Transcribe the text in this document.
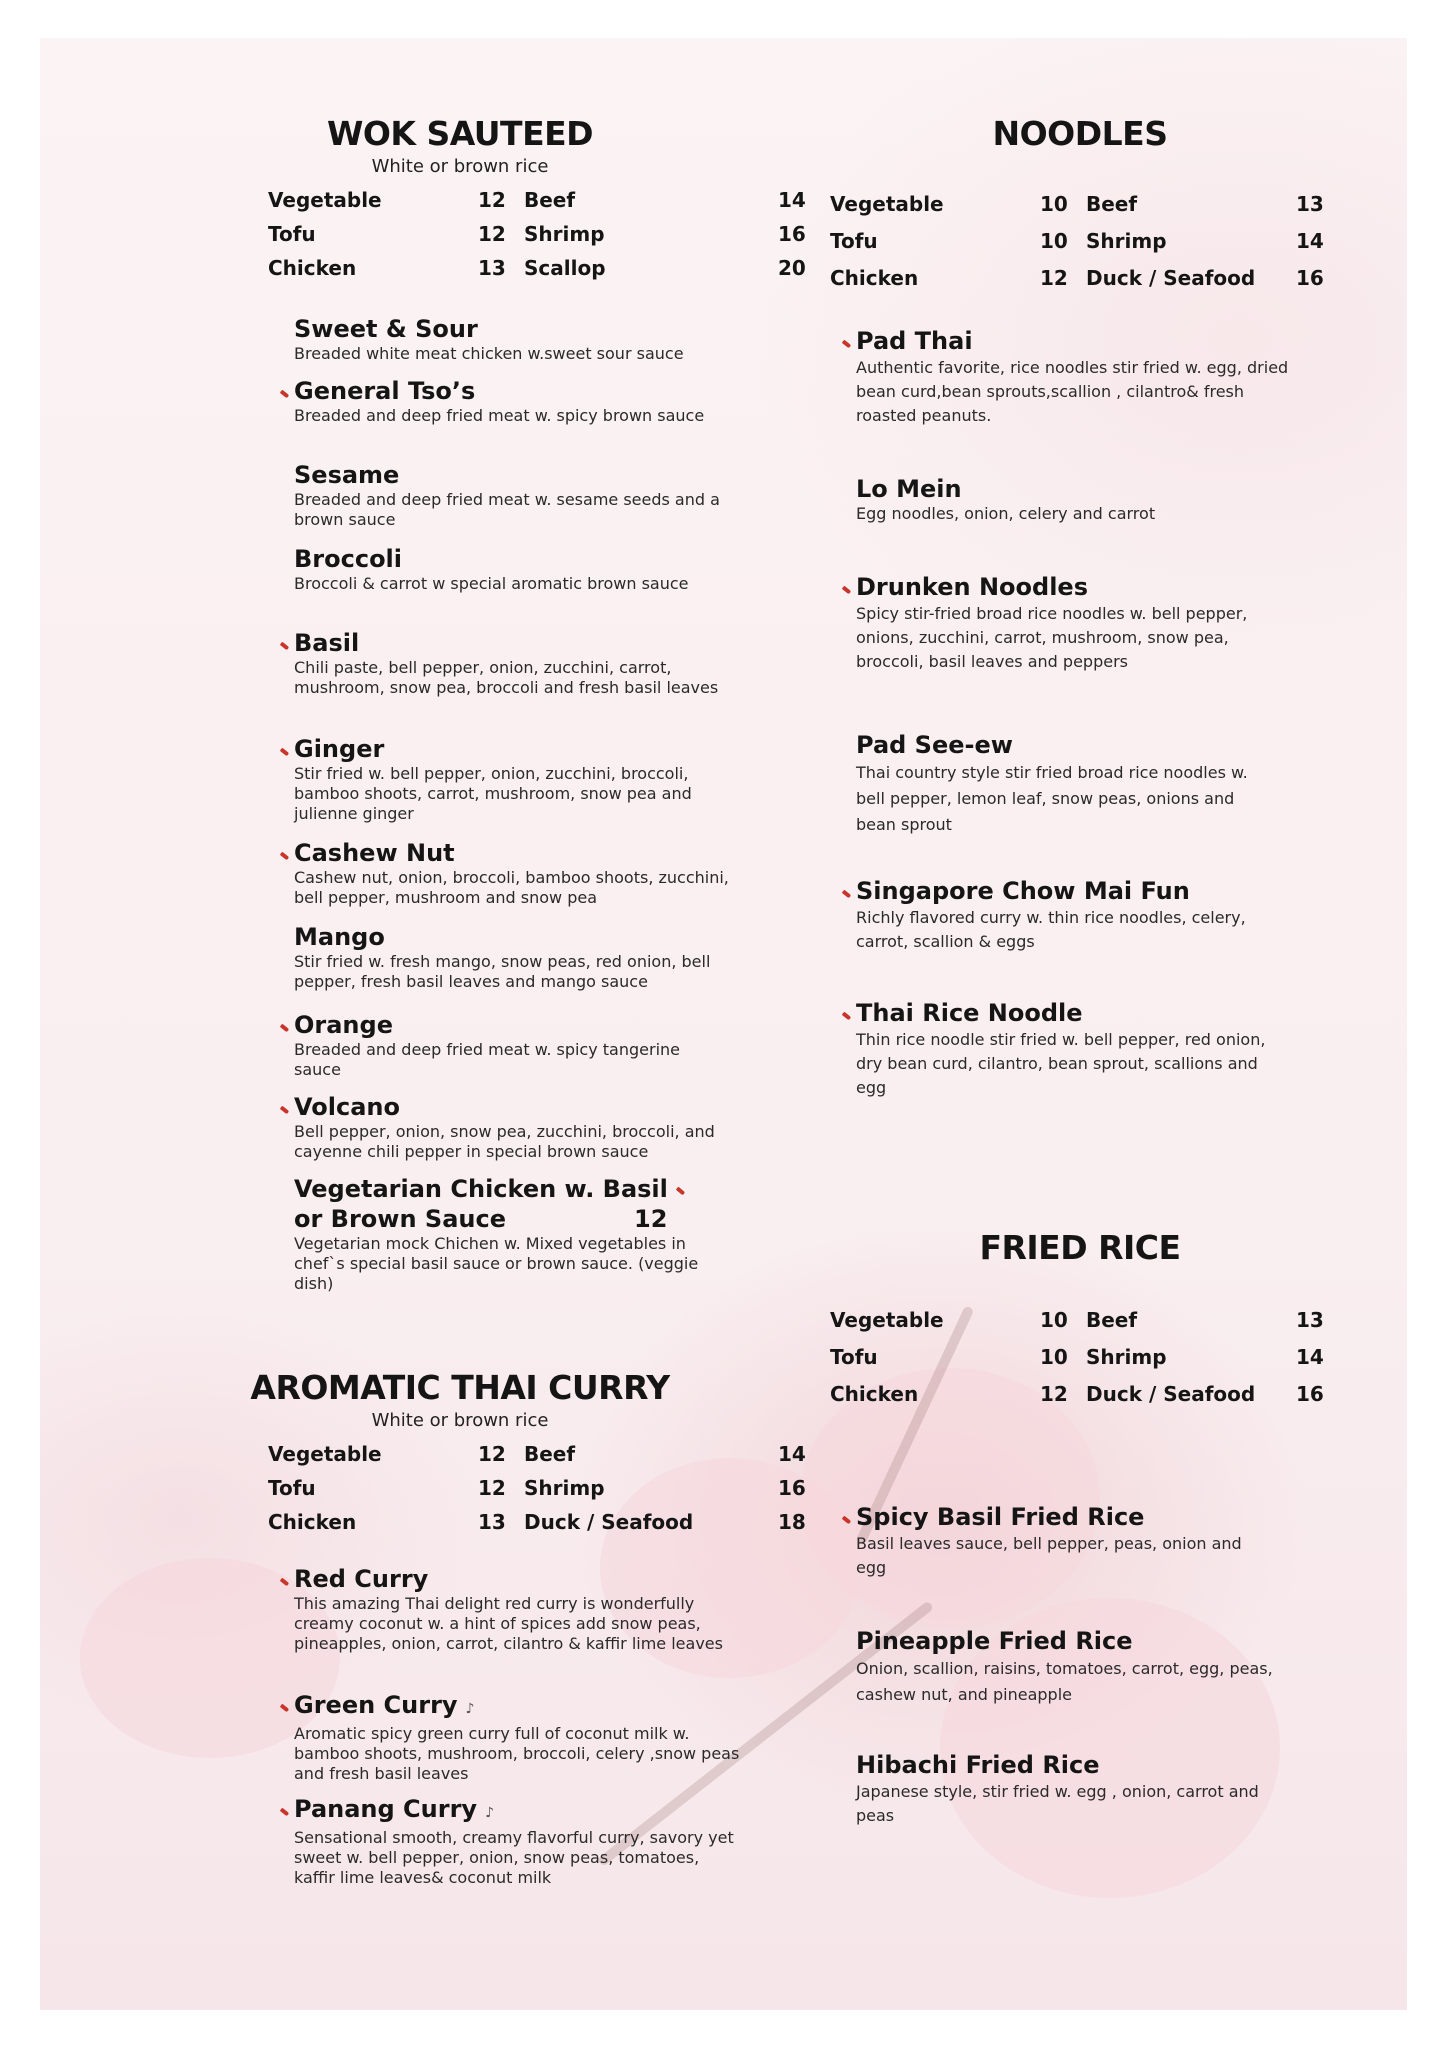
WOK SAUTEED
White or brown rice
Vegetable	12 Beef	14
Tofu	12 Shrimp	16
Chicken	13 Scallop	20
Sweet & Sour
Breaded white meat chicken w.sweet sour sauce
General Tso’s
Breaded and deep fried meat w. spicy brown sauce
Sesame
Breaded and deep fried meat w. sesame seeds and a brown sauce
Broccoli
Broccoli & carrot w special aromatic brown sauce
Basil
Chili paste, bell pepper, onion, zucchini, carrot, mushroom, snow pea, broccoli and fresh basil leaves
Ginger
Stir fried w. bell pepper, onion, zucchini, broccoli, bamboo shoots, carrot, mushroom, snow pea and julienne ginger
Cashew Nut
Cashew nut, onion, broccoli, bamboo shoots, zucchini, bell pepper, mushroom and snow pea
Mango
Stir fried w. fresh mango, snow peas, red onion, bell pepper, fresh basil leaves and mango sauce
Orange
Breaded and deep fried meat w. spicy tangerine sauce
Volcano
Bell pepper, onion, snow pea, zucchini, broccoli, and cayenne chili pepper in special brown sauce
Vegetarian Chicken w. Basil
or Brown Sauce	12
Vegetarian mock Chichen w. Mixed vegetables in chef`s special basil sauce or brown sauce. (veggie dish)
AROMATIC THAI CURRY
White or brown rice
Vegetable	12 Beef	14
Tofu	12 Shrimp	16
Chicken	13 Duck / Seafood	18
Red Curry
This amazing Thai delight red curry is wonderfully creamy coconut w. a hint of spices add snow peas, pineapples, onion, carrot, cilantro & kaffir lime leaves
Green Curry ♪
Aromatic spicy green curry full of coconut milk w. bamboo shoots, mushroom, broccoli, celery ,snow peas and fresh basil leaves
Panang Curry ♪
Sensational smooth, creamy flavorful curry, savory yet sweet w. bell pepper, onion, snow peas, tomatoes, kaffir lime leaves& coconut milk
NOODLES
Vegetable	10 Beef	13
Tofu	10 Shrimp	14
Chicken	12 Duck / Seafood 16
Pad Thai
Authentic favorite, rice noodles stir fried w. egg, dried bean curd,bean sprouts,scallion , cilantro& fresh roasted peanuts.
Lo Mein
Egg noodles, onion, celery and carrot
Drunken Noodles
Spicy stir-fried broad rice noodles w. bell pepper, onions, zucchini, carrot, mushroom, snow pea, broccoli, basil leaves and peppers
Pad See-ew
Thai country style stir fried broad rice noodles w. bell pepper, lemon leaf, snow peas, onions and bean sprout
Singapore Chow Mai Fun
Richly flavored curry w. thin rice noodles, celery, carrot, scallion & eggs
Thai Rice Noodle
Thin rice noodle stir fried w. bell pepper, red onion, dry bean curd, cilantro, bean sprout, scallions and egg
FRIED RICE
Vegetable	10 Beef	13
Tofu	10 Shrimp	14
Chicken	12 Duck / Seafood 16
Spicy Basil Fried Rice
Basil leaves sauce, bell pepper, peas, onion and egg
Pineapple Fried Rice
Onion, scallion, raisins, tomatoes, carrot, egg, peas, cashew nut, and pineapple
Hibachi Fried Rice
Japanese style, stir fried w. egg , onion, carrot and peas
